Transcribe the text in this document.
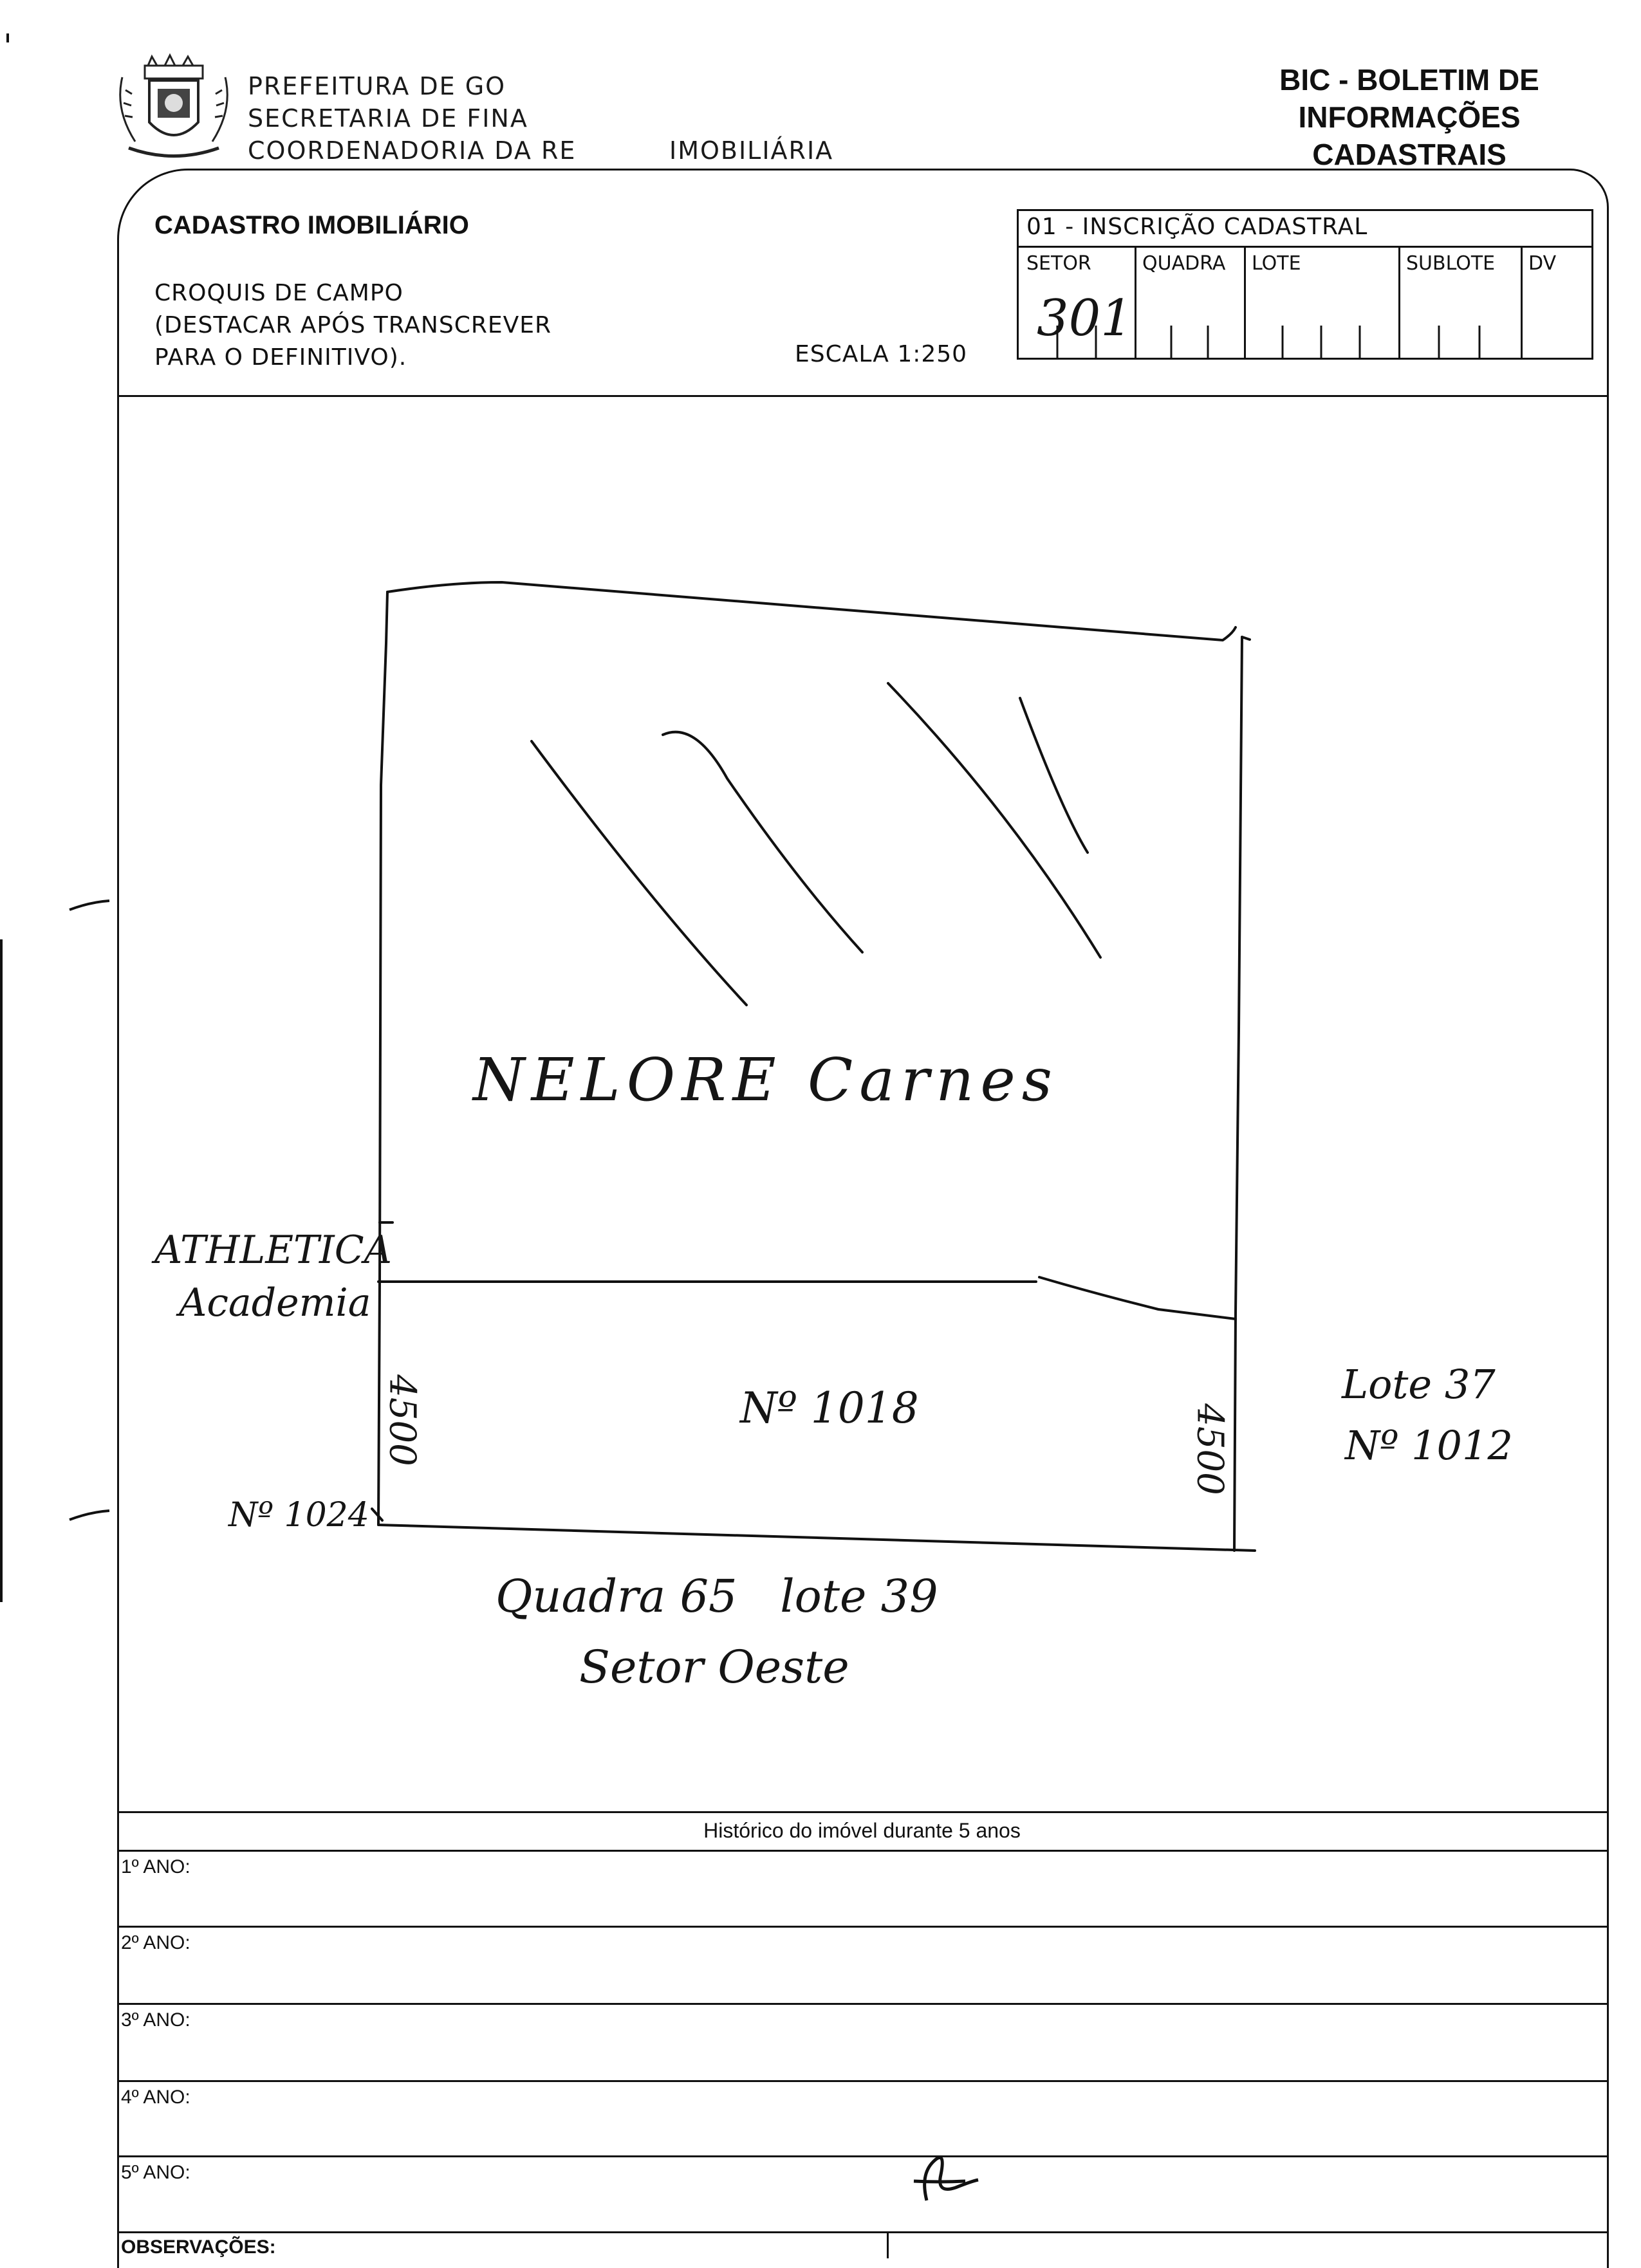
PREFEITURA DE GO
SECRETARIA DE FINA
COORDENADORIA DA RE	IMOBILIÁRIA
BIC - BOLETIM DE
INFORMAÇÕES CADASTRAIS
CADASTRO IMOBILIÁRIO
CROQUIS DE CAMPO
(DESTACAR APÓS TRANSCREVER
PARA O DEFINITIVO).	ESCALA 1:250
01 - INSCRIÇÃO CADASTRAL
SETOR	QUADRA LOTE	SUBLOTE DV
301
NELORE Carnes
ATHLETICA
Academia
Nº 1018
4500	4500
Nº 1024
Lote 37
Nº 1012
Quadra 65   lote 39
Setor Oeste
Histórico do imóvel durante 5 anos
1º ANO:
2º ANO:
3º ANO:
4º ANO:
5º ANO:
OBSERVAÇÕES:
